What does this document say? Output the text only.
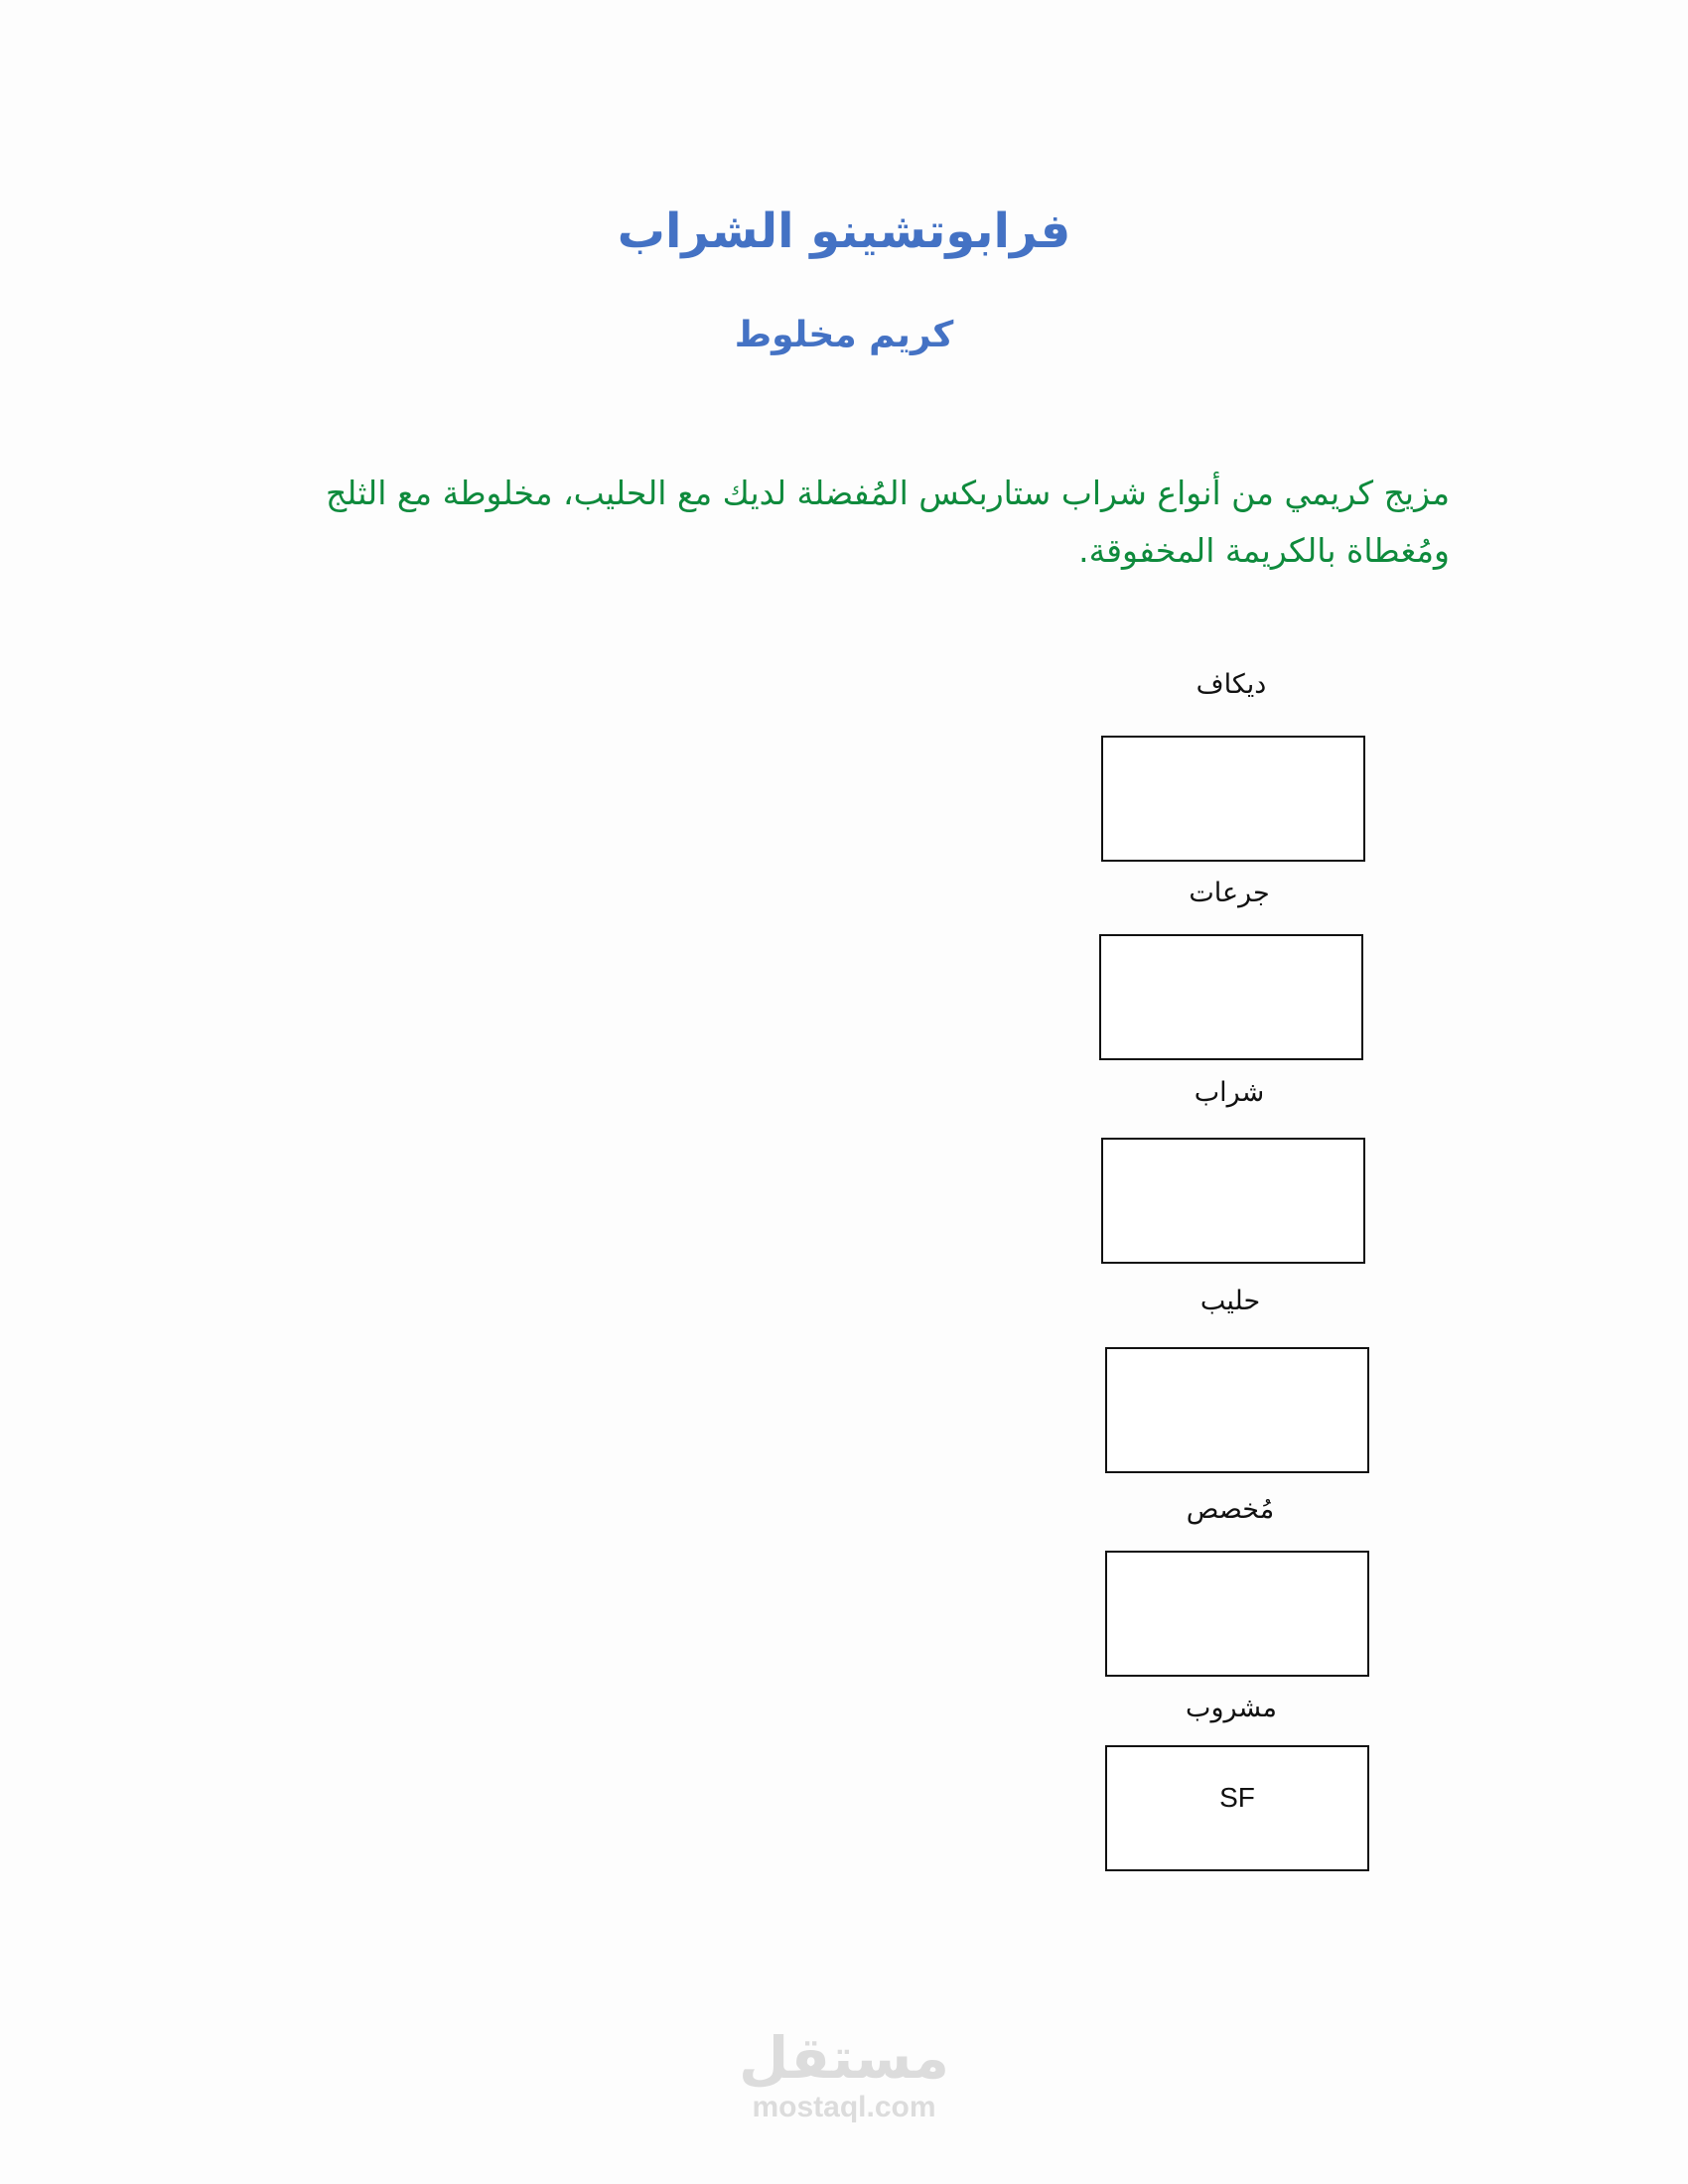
فرابوتشينو الشراب
كريم مخلوط

مزيج كريمي من أنواع شراب ستاربكس المُفضلة لديك مع الحليب، مخلوطة مع الثلج ومُغطاة بالكريمة المخفوقة.

ديكاف
جرعات
شراب
حليب
مُخصص
مشروب
SF
مستقل
mostaql.com
